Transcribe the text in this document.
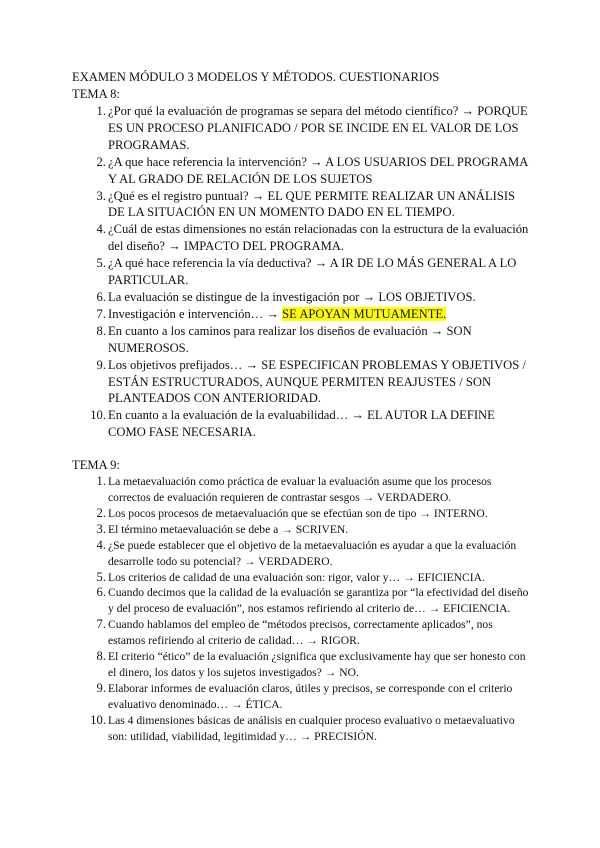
EXAMEN MÓDULO 3 MODELOS Y MÉTODOS. CUESTIONARIOS
TEMA 8:
1. ¿Por qué la evaluación de programas se separa del método científico? → PORQUE ES UN PROCESO PLANIFICADO / POR SE INCIDE EN EL VALOR DE LOS PROGRAMAS.
2. ¿A que hace referencia la intervención? → A LOS USUARIOS DEL PROGRAMA Y AL GRADO DE RELACIÓN DE LOS SUJETOS
3. ¿Qué es el registro puntual? → EL QUE PERMITE REALIZAR UN ANÁLISIS DE LA SITUACIÓN EN UN MOMENTO DADO EN EL TIEMPO.
4. ¿Cuál de estas dimensiones no están relacionadas con la estructura de la evaluación del diseño? → IMPACTO DEL PROGRAMA.
5. ¿A qué hace referencia la vía deductiva? → A IR DE LO MÁS GENERAL A LO PARTICULAR.
6. La evaluación se distingue de la investigación por → LOS OBJETIVOS.
7. Investigación e intervención… → SE APOYAN MUTUAMENTE.
8. En cuanto a los caminos para realizar los diseños de evaluación → SON NUMEROSOS.
9. Los objetivos prefijados… → SE ESPECIFICAN PROBLEMAS Y OBJETIVOS / ESTÁN ESTRUCTURADOS, AUNQUE PERMITEN REAJUSTES / SON PLANTEADOS CON ANTERIORIDAD.
10. En cuanto a la evaluación de la evaluabilidad… → EL AUTOR LA DEFINE COMO FASE NECESARIA.
TEMA 9:
1. La metaevaluación como práctica de evaluar la evaluación asume que los procesos correctos de evaluación requieren de contrastar sesgos → VERDADERO.
2. Los pocos procesos de metaevaluación que se efectúan son de tipo → INTERNO.
3. El término metaevaluación se debe a → SCRIVEN.
4. ¿Se puede establecer que el objetivo de la metaevaluación es ayudar a que la evaluación desarrolle todo su potencial? → VERDADERO.
5. Los criterios de calidad de una evaluación son: rigor, valor y… → EFICIENCIA.
6. Cuando decimos que la calidad de la evaluación se garantiza por “la efectividad del diseño y del proceso de evaluación”, nos estamos refiriendo al criterio de… → EFICIENCIA.
7. Cuando hablamos del empleo de “métodos precisos, correctamente aplicados”, nos estamos refiriendo al criterio de calidad… → RIGOR.
8. El criterio “ético” de la evaluación ¿significa que exclusivamente hay que ser honesto con el dinero, los datos y los sujetos investigados? → NO.
9. Elaborar informes de evaluación claros, útiles y precisos, se corresponde con el criterio evaluativo denominado… → ÉTICA.
10. Las 4 dimensiones básicas de análisis en cualquier proceso evaluativo o metaevaluativo son: utilidad, viabilidad, legitimidad y… → PRECISIÓN.
